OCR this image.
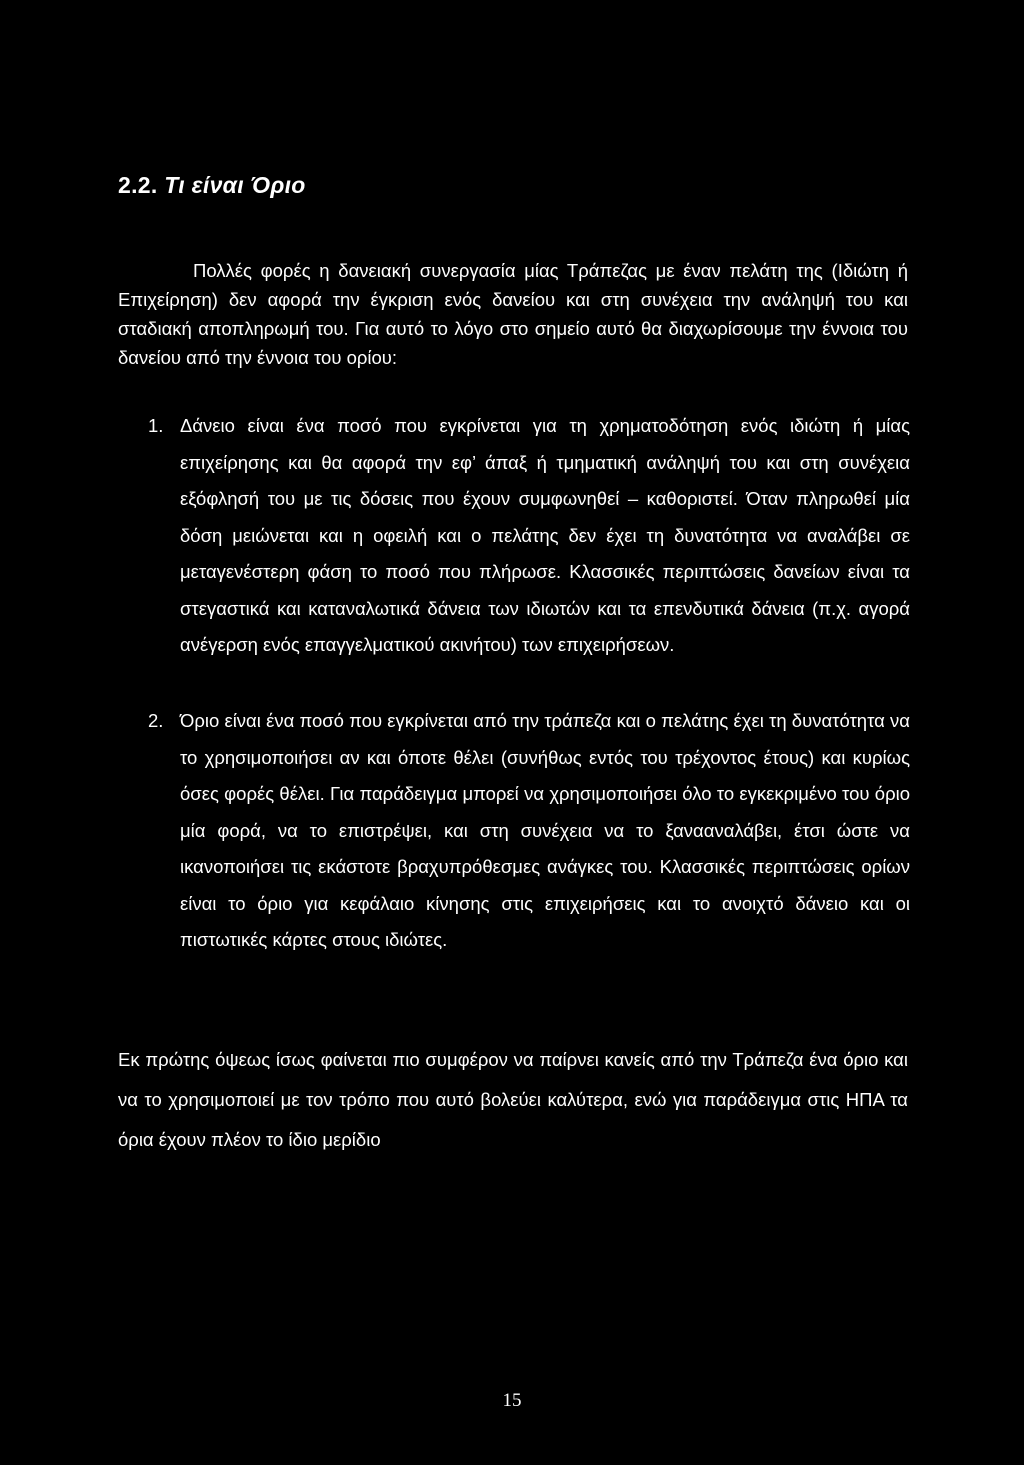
2.2. Τι είναι Όριο
Πολλές φορές η δανειακή συνεργασία μίας Τράπεζας με έναν πελάτη της (Ιδιώτη ή Επιχείρηση) δεν αφορά την έγκριση ενός δανείου και στη συνέχεια την ανάληψή του και σταδιακή αποπληρωμή του. Για αυτό το λόγο στο σημείο αυτό θα διαχωρίσουμε την έννοια του δανείου από την έννοια του ορίου:
1. Δάνειο είναι ένα ποσό που εγκρίνεται για τη χρηματοδότηση ενός ιδιώτη ή μίας επιχείρησης και θα αφορά την εφ’ άπαξ ή τμηματική ανάληψή του και στη συνέχεια εξόφλησή του με τις δόσεις που έχουν συμφωνηθεί – καθοριστεί. Όταν πληρωθεί μία δόση μειώνεται και η οφειλή και ο πελάτης δεν έχει τη δυνατότητα να αναλάβει σε μεταγενέστερη φάση το ποσό που πλήρωσε. Κλασσικές περιπτώσεις δανείων είναι τα στεγαστικά και καταναλωτικά δάνεια των ιδιωτών και τα επενδυτικά δάνεια (π.χ. αγορά ανέγερση ενός επαγγελματικού ακινήτου) των επιχειρήσεων.
2. Όριο είναι ένα ποσό που εγκρίνεται από την τράπεζα και ο πελάτης έχει τη δυνατότητα να το χρησιμοποιήσει αν και όποτε θέλει (συνήθως εντός του τρέχοντος έτους) και κυρίως όσες φορές θέλει. Για παράδειγμα μπορεί να χρησιμοποιήσει όλο το εγκεκριμένο του όριο μία φορά, να το επιστρέψει, και στη συνέχεια να το ξανααναλάβει, έτσι ώστε να ικανοποιήσει τις εκάστοτε βραχυπρόθεσμες ανάγκες του. Κλασσικές περιπτώσεις ορίων είναι το όριο για κεφάλαιο κίνησης στις επιχειρήσεις και το ανοιχτό δάνειο και οι πιστωτικές κάρτες στους ιδιώτες.
Εκ πρώτης όψεως ίσως φαίνεται πιο συμφέρον να παίρνει κανείς από την Τράπεζα ένα όριο και να το χρησιμοποιεί με τον τρόπο που αυτό βολεύει καλύτερα, ενώ για παράδειγμα στις ΗΠΑ τα όρια έχουν πλέον το ίδιο μερίδιο
15
